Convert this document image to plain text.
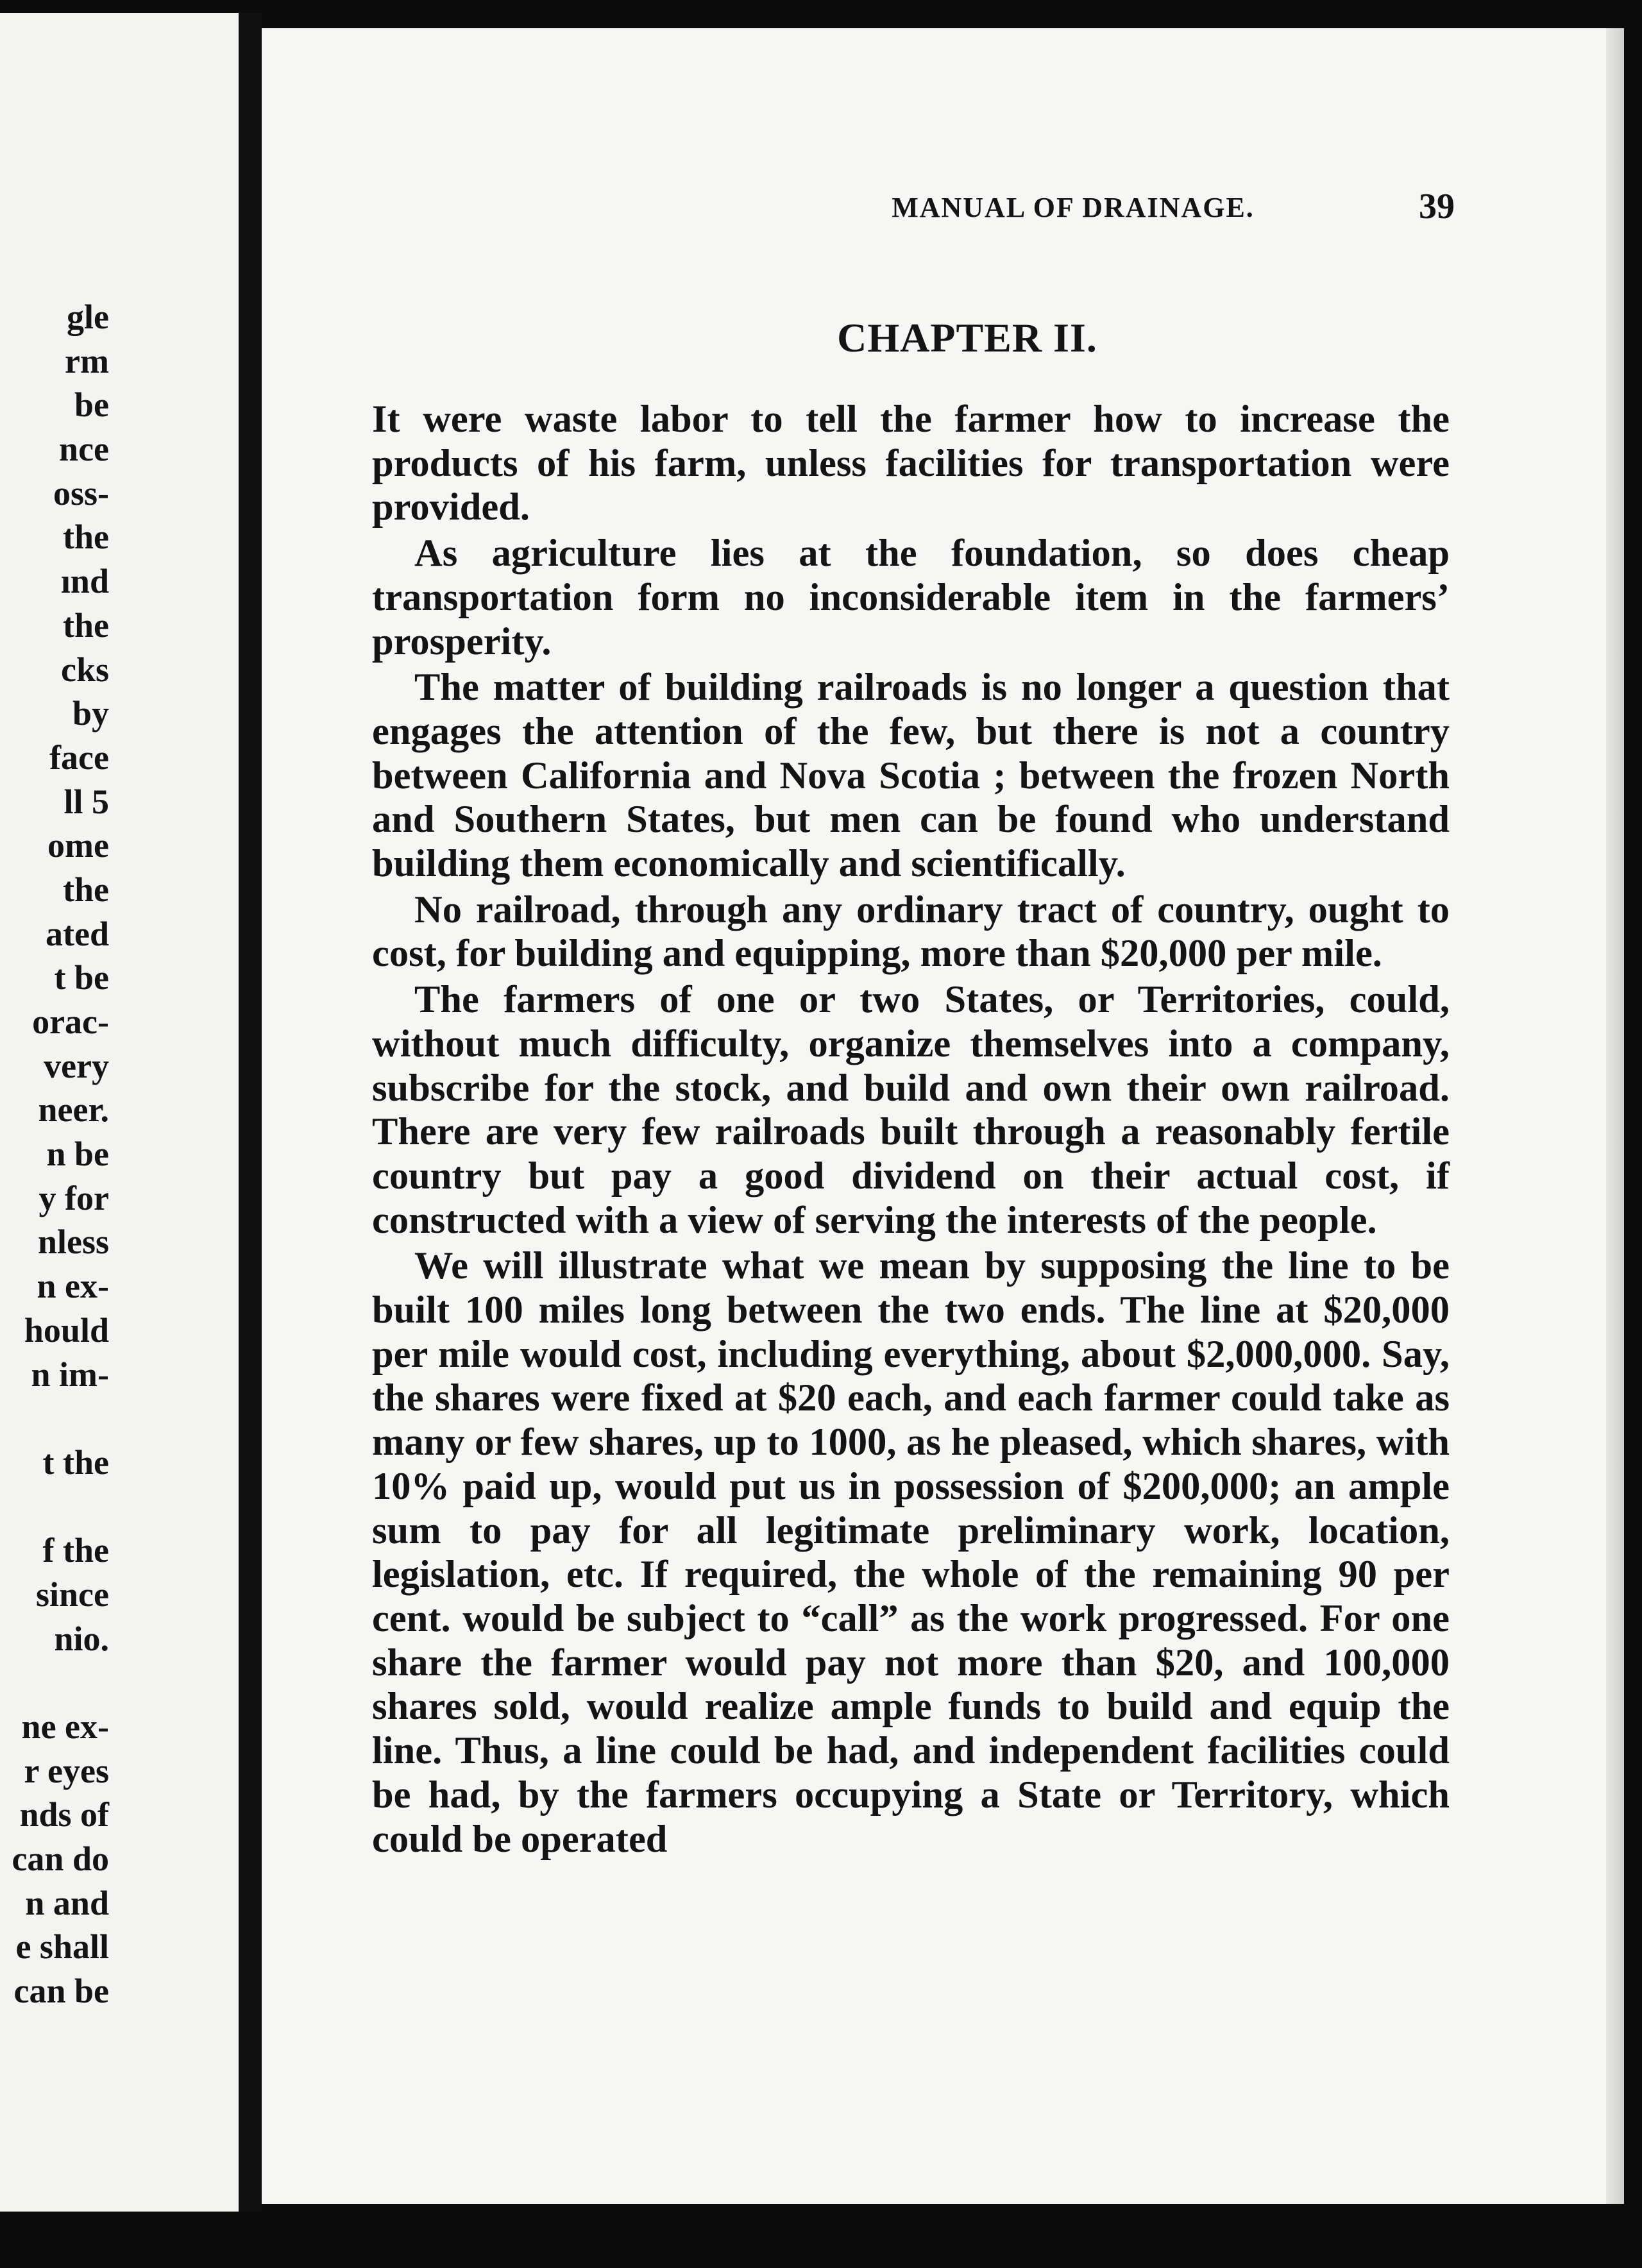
gle
rm
be
nce
oss-
the
ınd
the
cks
by
face
ll 5
ome
the
ated
t be
orac-
very
neer.
n be
y for
nless
n ex-
hould
n im-
t the
f the
since
nio.
ne ex-
r eyes
nds of
can do
n and
e shall
can be
MANUAL OF DRAINAGE.	39
CHAPTER II.

It were waste labor to tell the farmer how to increase the products of his farm, unless facilities for transportation were provided.

As agriculture lies at the foundation, so does cheap transportation form no inconsiderable item in the farmers’ prosperity.

The matter of building railroads is no longer a question that engages the attention of the few, but there is not a country between California and Nova Scotia ; between the frozen North and Southern States, but men can be found who understand building them economically and scientifically.

No railroad, through any ordinary tract of country, ought to cost, for building and equipping, more than $20,000 per mile.

The farmers of one or two States, or Territories, could, without much difficulty, organize themselves into a company, subscribe for the stock, and build and own their own railroad. There are very few railroads built through a reasonably fertile country but pay a good dividend on their actual cost, if constructed with a view of serving the interests of the people.

We will illustrate what we mean by supposing the line to be built 100 miles long between the two ends. The line at $20,000 per mile would cost, including everything, about $2,000,000. Say, the shares were fixed at $20 each, and each farmer could take as many or few shares, up to 1000, as he pleased, which shares, with 10% paid up, would put us in possession of $200,000; an ample sum to pay for all legitimate preliminary work, location, legislation, etc. If required, the whole of the remaining 90 per cent. would be subject to “call” as the work progressed. For one share the farmer would pay not more than $20, and 100,000 shares sold, would realize ample funds to build and equip the line. Thus, a line could be had, and independent facilities could be had, by the farmers occupying a State or Territory, which could be operated
